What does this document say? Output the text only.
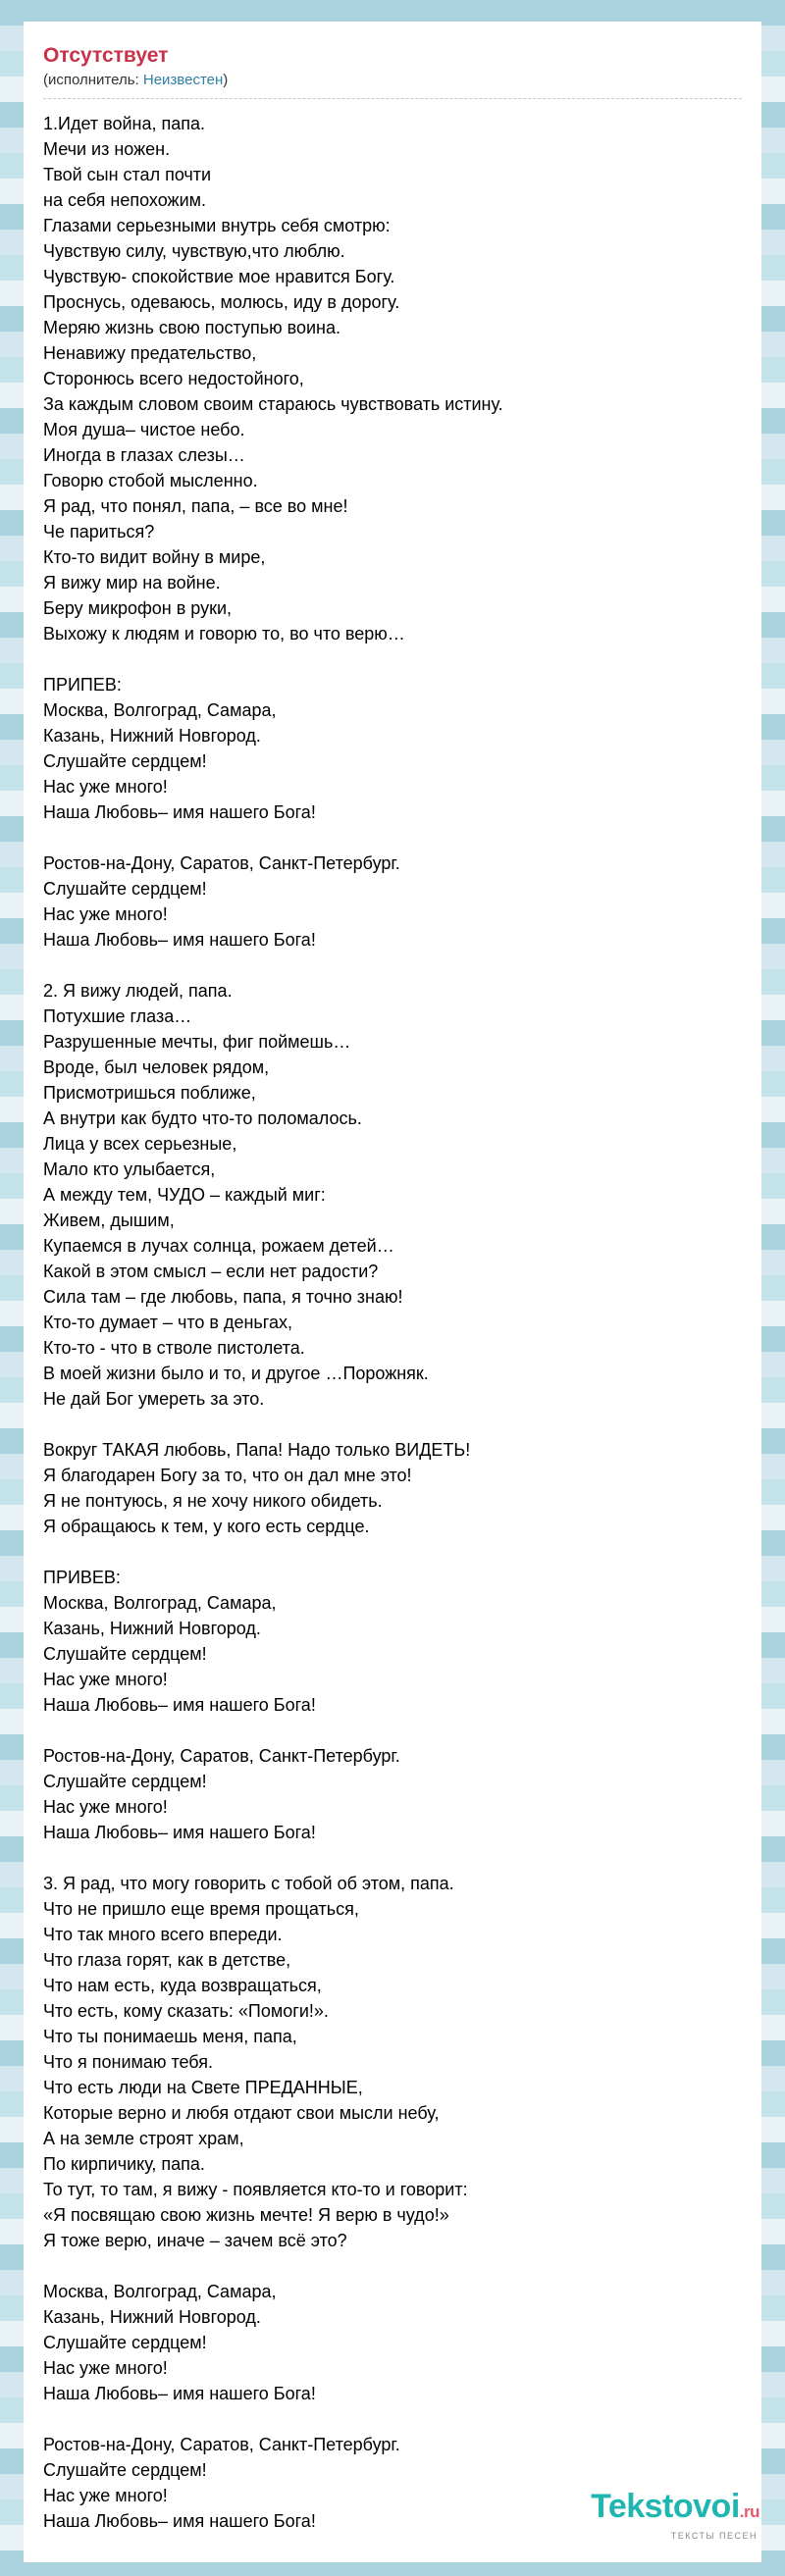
Отсутствует

(исполнитель: Неизвестен)

1.Идет война, папа.
Мечи из ножен.
Твой сын стал почти
на себя непохожим.
Глазами серьезными внутрь себя смотрю:
Чувствую силу, чувствую,что люблю.
Чувствую- спокойствие мое нравится Богу.
Проснусь, одеваюсь, молюсь, иду в дорогу.
Меряю жизнь свою поступью воина.
Ненавижу предательство,
Сторонюсь всего недостойного,
За каждым словом своим стараюсь чувствовать истину.
Моя душа– чистое небо.
Иногда в глазах слезы…
Говорю стобой мысленно.
Я рад, что понял, папа, – все во мне!
Че париться?
Кто-то видит войну в мире,
Я вижу мир на войне.
Беру микрофон в руки,
Выхожу к людям и говорю то, во что верю…
ПРИПЕВ:
Москва, Волгоград, Самара,
Казань, Нижний Новгород.
Слушайте сердцем!
Нас уже много!
Наша Любовь– имя нашего Бога!
Ростов-на-Дону, Саратов, Санкт-Петербург.
Слушайте сердцем!
Нас уже много!
Наша Любовь– имя нашего Бога!
2. Я вижу людей, папа.
Потухшие глаза…
Разрушенные мечты, фиг поймешь…
Вроде, был человек рядом,
Присмотришься поближе,
А внутри как будто что-то поломалось.
Лица у всех серьезные,
Мало кто улыбается,
А между тем, ЧУДО – каждый миг:
Живем, дышим,
Купаемся в лучах солнца, рожаем детей…
Какой в этом смысл – если нет радости?
Сила там – где любовь, папа, я точно знаю!
Кто-то думает – что в деньгах,
Кто-то - что в стволе пистолета.
В моей жизни было и то, и другое …Порожняк.
Не дай Бог умереть за это.
Вокруг ТАКАЯ любовь, Папа! Надо только ВИДЕТЬ!
Я благодарен Богу за то, что он дал мне это!
Я не понтуюсь, я не хочу никого обидеть.
Я обращаюсь к тем, у кого есть сердце.
ПРИВЕВ:
Москва, Волгоград, Самара,
Казань, Нижний Новгород.
Слушайте сердцем!
Нас уже много!
Наша Любовь– имя нашего Бога!
Ростов-на-Дону, Саратов, Санкт-Петербург.
Слушайте сердцем!
Нас уже много!
Наша Любовь– имя нашего Бога!
3. Я рад, что могу говорить с тобой об этом, папа.
Что не пришло еще время прощаться,
Что так много всего впереди.
Что глаза горят, как в детстве,
Что нам есть, куда возвращаться,
Что есть, кому сказать: «Помоги!».
Что ты понимаешь меня, папа,
Что я понимаю тебя.
Что есть люди на Свете ПРЕДАННЫЕ,
Которые верно и любя отдают свои мысли небу,
А на земле строят храм,
По кирпичику, папа.
То тут, то там, я вижу - появляется кто-то и говорит:
«Я посвящаю свою жизнь мечте! Я верю в чудо!»
Я тоже верю, иначе – зачем всё это?
Москва, Волгоград, Самара,
Казань, Нижний Новгород.
Слушайте сердцем!
Нас уже много!
Наша Любовь– имя нашего Бога!
Ростов-на-Дону, Саратов, Санкт-Петербург.
Слушайте сердцем!
Нас уже много!
Наша Любовь– имя нашего Бога!	Tekstovoi.ru
ТЕКСТЫ ПЕСЕН
